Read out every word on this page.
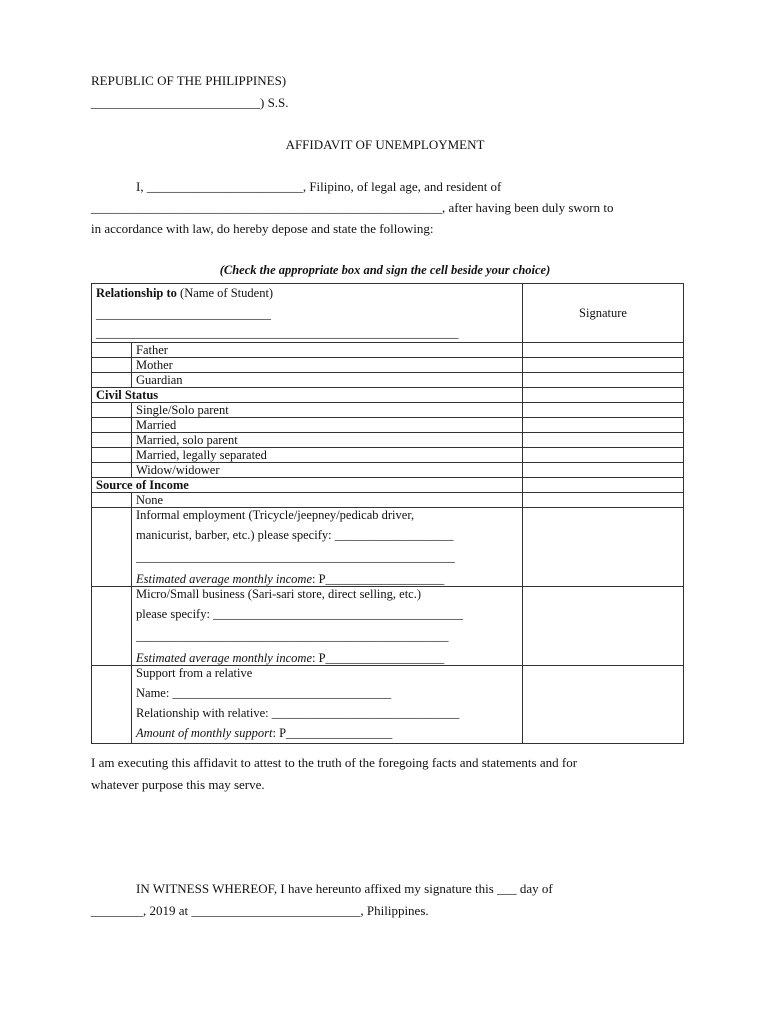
REPUBLIC OF THE PHILIPPINES)
__________________________) S.S.
AFFIDAVIT OF UNEMPLOYMENT
I, ________________________, Filipino, of legal age, and resident of
______________________________________________________, after having been duly sworn to
in accordance with law, do hereby depose and state the following:
(Check the appropriate box and sign the cell beside your choice)
Relationship to (Name of Student)
____________________________
__________________________________________________________		Signature
	Father	
	Mother	
	Guardian	
Civil Status		
	Single/Solo parent	
	Married	
	Married, solo parent	
	Married, legally separated	
	Widow/widower	
Source of Income		
	None	

	Informal employment (Tricycle/jeepney/pedicab driver,
manicurist, barber, etc.) please specify: ___________________
___________________________________________________
Estimated average monthly income: P___________________	

	Micro/Small business (Sari-sari store, direct selling, etc.)
please specify: ________________________________________
__________________________________________________
Estimated average monthly income: P___________________	

	Support from a relative
Name: ___________________________________
Relationship with relative: ______________________________
Amount of monthly support: P_________________	

I am executing this affidavit to attest to the truth of the foregoing facts and statements and for
whatever purpose this may serve.
IN WITNESS WHEREOF, I have hereunto affixed my signature this ___ day of
________, 2019 at __________________________, Philippines.
